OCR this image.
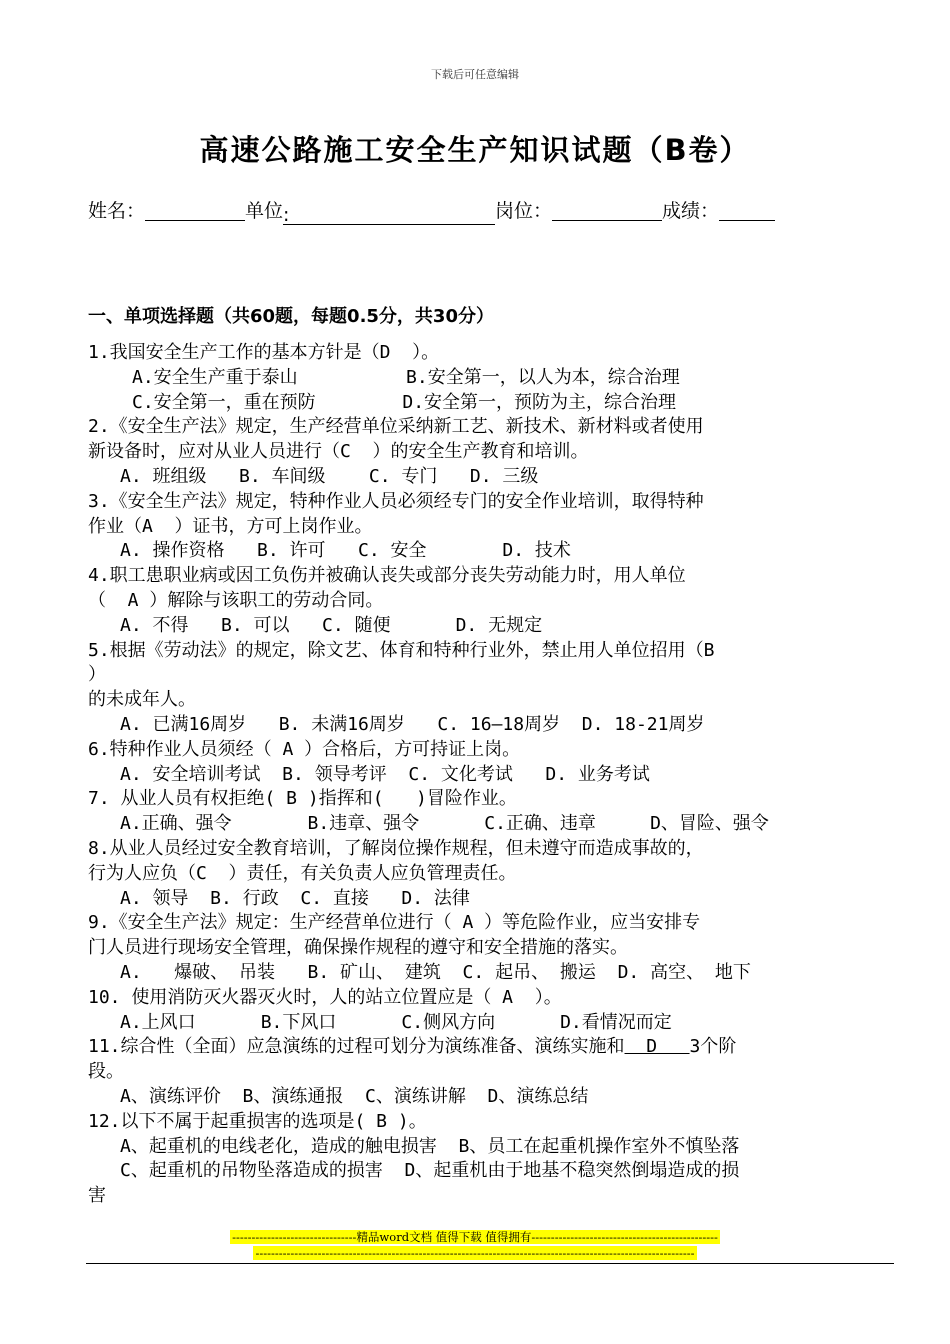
下载后可任意编辑
高速公路施工安全生产知识试题（B卷）
姓名：	单位:	岗位：	成绩：
一、单项选择题（共60题，每题0.5分，共30分）
1.我国安全生产工作的基本方针是（D  ）。
A.安全生产重于泰山          B.安全第一，以人为本，综合治理
C.安全第一，重在预防        D.安全第一，预防为主，综合治理
2.《安全生产法》规定，生产经营单位采纳新工艺、新技术、新材料或者使用
新设备时，应对从业人员进行（C  ）的安全生产教育和培训。
A. 班组级   B. 车间级    C. 专门   D. 三级
3.《安全生产法》规定，特种作业人员必须经专门的安全作业培训，取得特种
作业（A  ）证书，方可上岗作业。
A. 操作资格   B. 许可   C. 安全       D. 技术
4.职工患职业病或因工负伤并被确认丧失或部分丧失劳动能力时，用人单位
（  A ）解除与该职工的劳动合同。
A. 不得   B. 可以   C. 随便      D. 无规定
5.根据《劳动法》的规定，除文艺、体育和特种行业外，禁止用人单位招用（B
）
的未成年人。
A. 已满16周岁   B. 未满16周岁   C. 16—18周岁  D. 18-21周岁
6.特种作业人员须经（ A ）合格后，方可持证上岗。
A. 安全培训考试  B. 领导考评  C. 文化考试   D. 业务考试
7. 从业人员有权拒绝( B )指挥和(   )冒险作业。
A.正确、强令       B.违章、强令      C.正确、违章     D、冒险、强令
8.从业人员经过安全教育培训，了解岗位操作规程，但未遵守而造成事故的，
行为人应负（C  ）责任，有关负责人应负管理责任。
A. 领导  B. 行政  C. 直接   D. 法律
9.《安全生产法》规定：生产经营单位进行（ A ）等危险作业，应当安排专
门人员进行现场安全管理，确保操作规程的遵守和安全措施的落实。
A.   爆破、 吊装   B. 矿山、 建筑  C. 起吊、 搬运  D. 高空、 地下
10. 使用消防灭火器灭火时，人的站立位置应是（ A  ）。
A.上风口      B.下风口      C.侧风方向      D.看情况而定
11.综合性（全面）应急演练的过程可划分为演练准备、演练实施和  D   3个阶
段。
A、演练评价  B、演练通报  C、演练讲解  D、演练总结
12.以下不属于起重损害的选项是( B )。
A、起重机的电线老化，造成的触电损害  B、员工在起重机操作室外不慎坠落
C、起重机的吊物坠落造成的损害  D、起重机由于地基不稳突然倒塌造成的损
害
--------------------------------精品word文档 值得下载 值得拥有------------------------------------------------
-----------------------------------------------------------------------------------------------------------------
